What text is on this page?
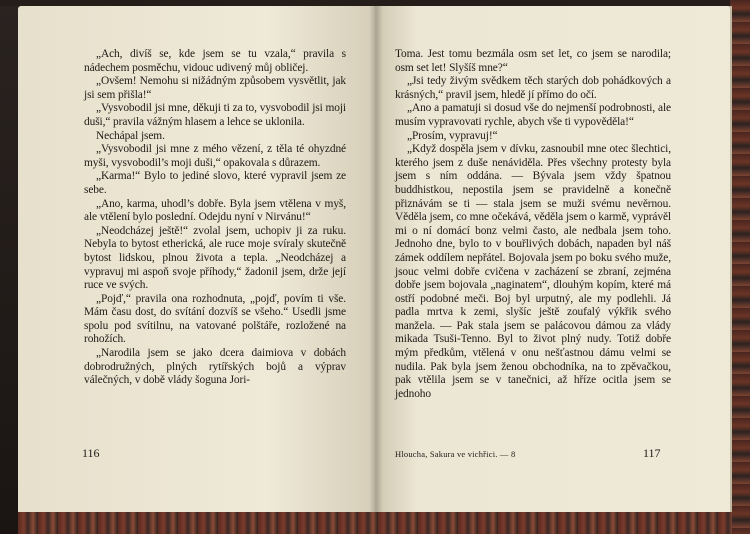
„Ach, divíš se, kde jsem se tu vzala,“ pravila s nádechem posměchu, vidouc udivený můj obličej.

„Ovšem! Nemohu si nižádným způsobem vysvětlit, jak jsi sem přišla!“

„Vysvobodil jsi mne, děkuji ti za to, vysvobodil jsi moji duši,“ pravila vážným hlasem a lehce se uklonila.

Nechápal jsem.

„Vysvobodil jsi mne z mého vězení, z těla té ohyzdné myši, vysvobodil’s moji duši,“ opakovala s důrazem.

„Karma!“ Bylo to jediné slovo, které vypravil jsem ze sebe.

„Ano, karma, uhodl’s dobře. Byla jsem vtělena v myš, ale vtělení bylo poslední. Odejdu nyní v Nirvánu!“

„Neodcházej ještě!“ zvolal jsem, uchopiv ji za ruku. Nebyla to bytost etherická, ale ruce moje svíraly skutečně bytost lidskou, plnou života a tepla. „Neodcházej a vypravuj mi aspoň svoje příhody,“ žadonil jsem, drže její ruce ve svých.

„Pojď,“ pravila ona rozhodnuta, „pojď, povím ti vše. Mám času dost, do svítání dozvíš se všeho.“ Usedli jsme spolu pod svítilnu, na vatované polštáře, rozložené na rohožích.

„Narodila jsem se jako dcera daimiova v dobách dobrodružných, plných rytířských bojů a výprav válečných, v době vlády šoguna Jori-

116

Toma. Jest tomu bezmála osm set let, co jsem se narodila; osm set let! Slyšíš mne?“

„Jsi tedy živým svědkem těch starých dob pohádkových a krásných,“ pravil jsem, hledě jí přímo do očí.

„Ano a pamatuji si dosud vše do nejmenší podrobnosti, ale musím vypravovati rychle, abych vše ti vypověděla!“

„Prosím, vypravuj!“

„Když dospěla jsem v dívku, zasnoubil mne otec šlechtici, kterého jsem z duše nenáviděla. Přes všechny protesty byla jsem s ním oddána. — Bývala jsem vždy špatnou buddhistkou, nepostila jsem se pravidelně a konečně přiznávám se ti — stala jsem se muži svému nevěrnou. Věděla jsem, co mne očekává, věděla jsem o karmě, vyprávěl mi o ní domácí bonz velmi často, ale nedbala jsem toho. Jednoho dne, bylo to v bouřlivých dobách, napaden byl náš zámek oddílem nepřátel. Bojovala jsem po boku svého muže, jsouc velmi dobře cvičena v zacházení se zbraní, zejména dobře jsem bojovala „naginatem“, dlouhým kopím, které má ostří podobné meči. Boj byl urputný, ale my podlehli. Já padla mrtva k zemi, slyšíc ještě zoufalý výkřik svého manžela. — Pak stala jsem se palácovou dámou za vlády mikada Tsuši-Tenno. Byl to život plný nudy. Totiž dobře mým předkům, vtělená v onu nešťastnou dámu velmi se nudila. Pak byla jsem ženou obchodníka, na to zpěvačkou, pak vtělila jsem se v tanečnici, až hříze ocitla jsem se jednoho

Hloucha, Sakura ve vichřici. — 8	117
